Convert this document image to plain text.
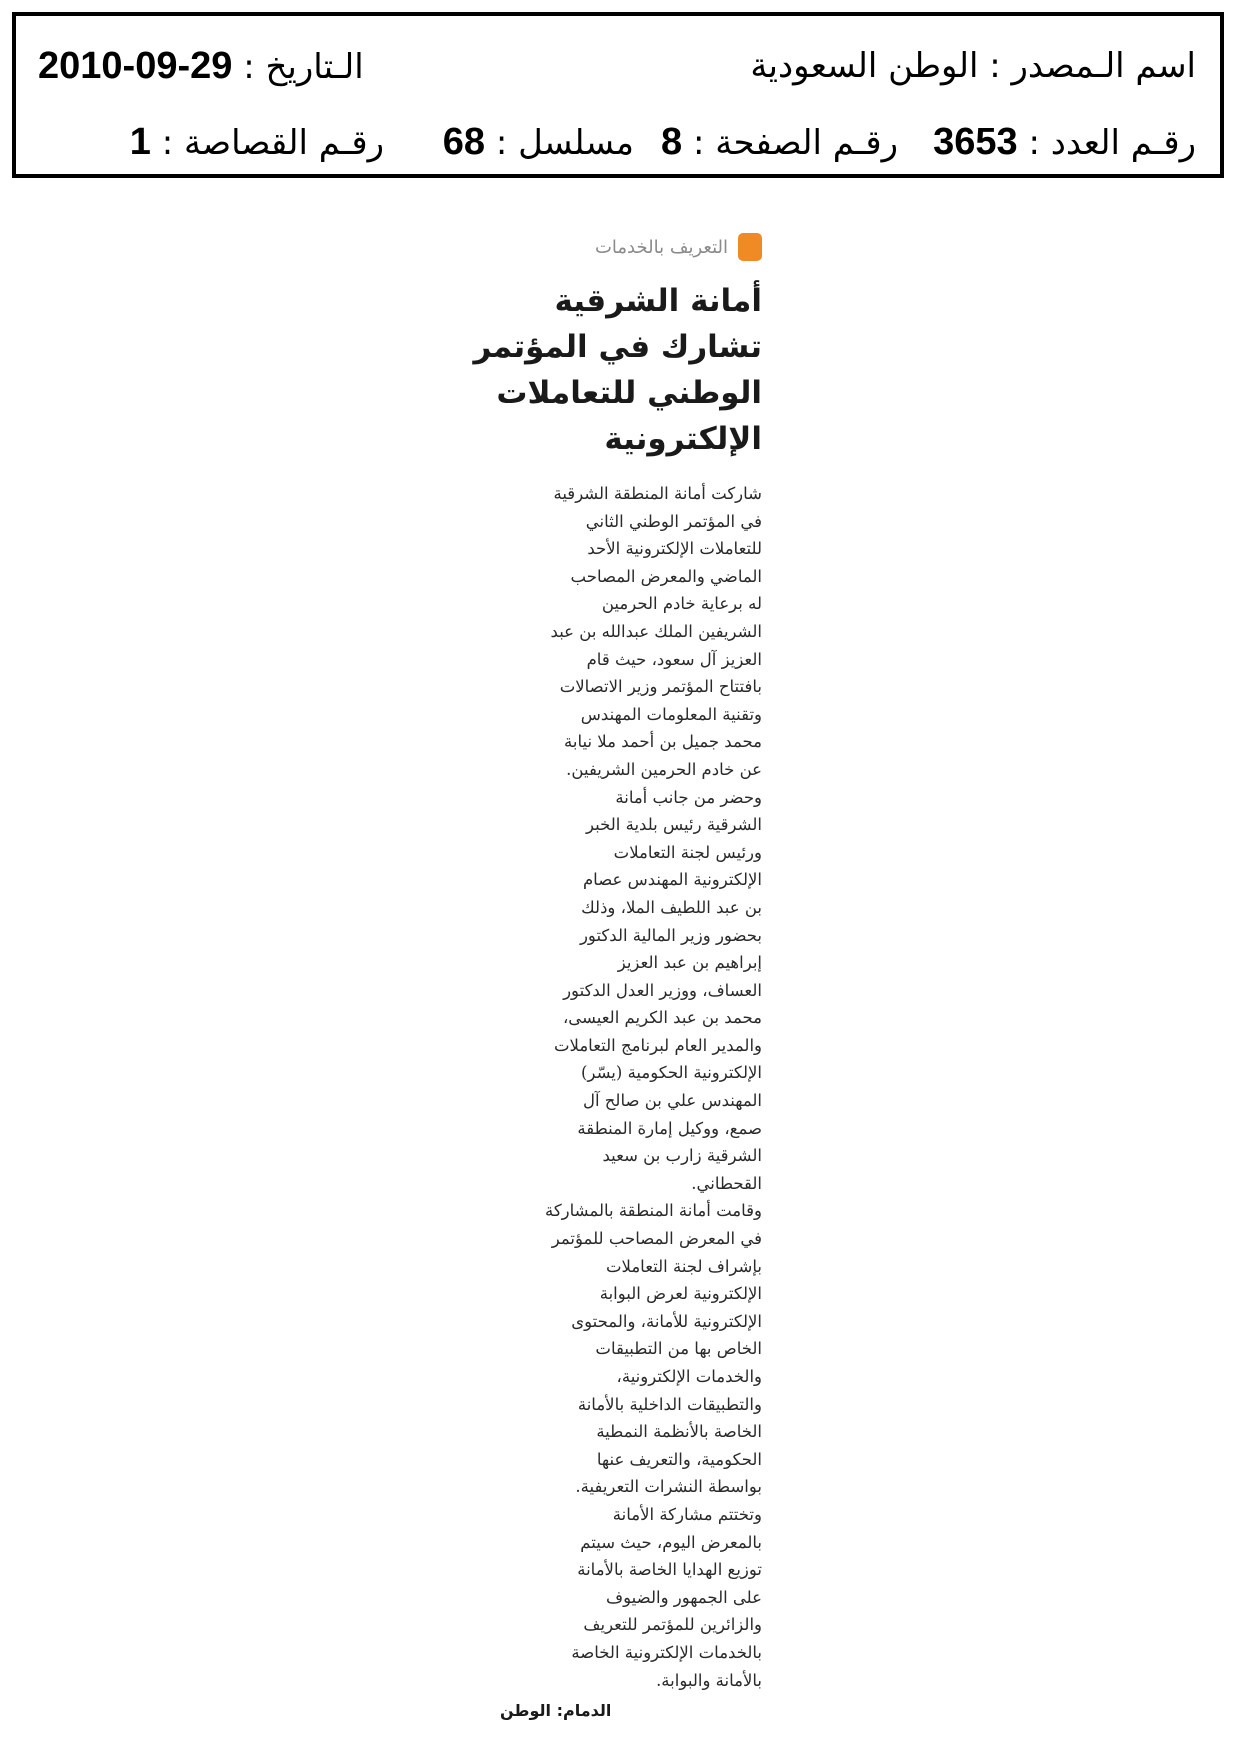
اسم الـمصدر : الوطن السعودية
الـتاريخ : 2010-09-29
رقـم العدد : 3653
رقـم الصفحة : 8
مسلسل : 68
رقـم القصاصة : 1
التعريف بالخدمات
أمانة الشرقية
تشارك في المؤتمر
الوطني للتعاملات
الإلكترونية
شاركت أمانة المنطقة الشرقية
في المؤتمر الوطني الثاني
للتعاملات الإلكترونية الأحد
الماضي والمعرض المصاحب
له برعاية خادم الحرمين
الشريفين الملك عبدالله بن عبد
العزيز آل سعود، حيث قام
بافتتاح المؤتمر وزير الاتصالات
وتقنية المعلومات المهندس
محمد جميل بن أحمد ملا نيابة
عن خادم الحرمين الشريفين.
وحضر من جانب أمانة
الشرقية رئيس بلدية الخبر
ورئيس لجنة التعاملات
الإلكترونية المهندس عصام
بن عبد اللطيف الملا، وذلك
بحضور وزير المالية الدكتور
إبراهيم بن عبد العزيز
العساف، ووزير العدل الدكتور
محمد بن عبد الكريم العيسى،
والمدير العام لبرنامج التعاملات
الإلكترونية الحكومية (يسّر)
المهندس علي بن صالح آل
صمع، ووكيل إمارة المنطقة
الشرقية زارب بن سعيد
القحطاني.
وقامت أمانة المنطقة بالمشاركة
في المعرض المصاحب للمؤتمر
بإشراف لجنة التعاملات
الإلكترونية لعرض البوابة
الإلكترونية للأمانة، والمحتوى
الخاص بها من التطبيقات
والخدمات الإلكترونية،
والتطبيقات الداخلية بالأمانة
الخاصة بالأنظمة النمطية
الحكومية، والتعريف عنها
بواسطة النشرات التعريفية.
وتختتم مشاركة الأمانة
بالمعرض اليوم، حيث سيتم
توزيع الهدايا الخاصة بالأمانة
على الجمهور والضيوف
والزائرين للمؤتمر للتعريف
بالخدمات الإلكترونية الخاصة
بالأمانة والبوابة.
الدمام: الوطن
